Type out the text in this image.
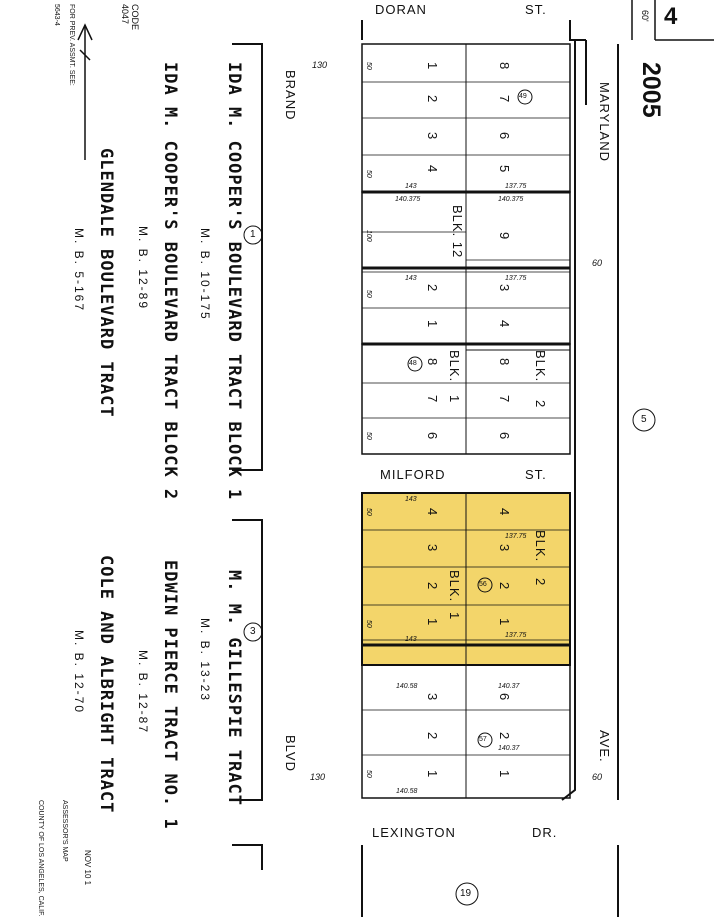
4
2005
60'
CODE
4047
FOR PREV. ASSMT. SEE:
5643-4	DORAN	ST.
MARYLAND
MILFORD	ST.
LEXINGTON	DR.
BRAND
BLVD	AVE.
130
130	60
60
IDA M. COOPER'S BOULEVARD TRACT BLOCK 1
M. B. 10-175
IDA M. COOPER'S BOULEVARD TRACT BLOCK 2
M. B. 12-89
GLENDALE BOULEVARD TRACT
M. B. 5-167
M. M. GILLESPIE TRACT
M. B. 13-23
EDWIN PIERCE TRACT NO. 1
M. B. 12-87
COLE AND ALBRIGHT TRACT
M. B. 12-70
1
3
5
19
49
48
56
57
BLK. 12
BLK.
1
BLK.
2
BLK.
1
BLK.
2
1
2
3
4
8
7
6
5
2
1
9
3
4
8
7
6
8
7
6
4
3
2
1
4
3
2
1
3
2
1
6
2
1
143	137.75
140.375	140.375
143	137.75
143
137.75
143
137.75
140.58	140.37
140.37
140.58
50
50
100
50
50
50
50
50
ASSESSOR'S MAP
COUNTY OF LOS ANGELES, CALIF.	NOV 10 1
